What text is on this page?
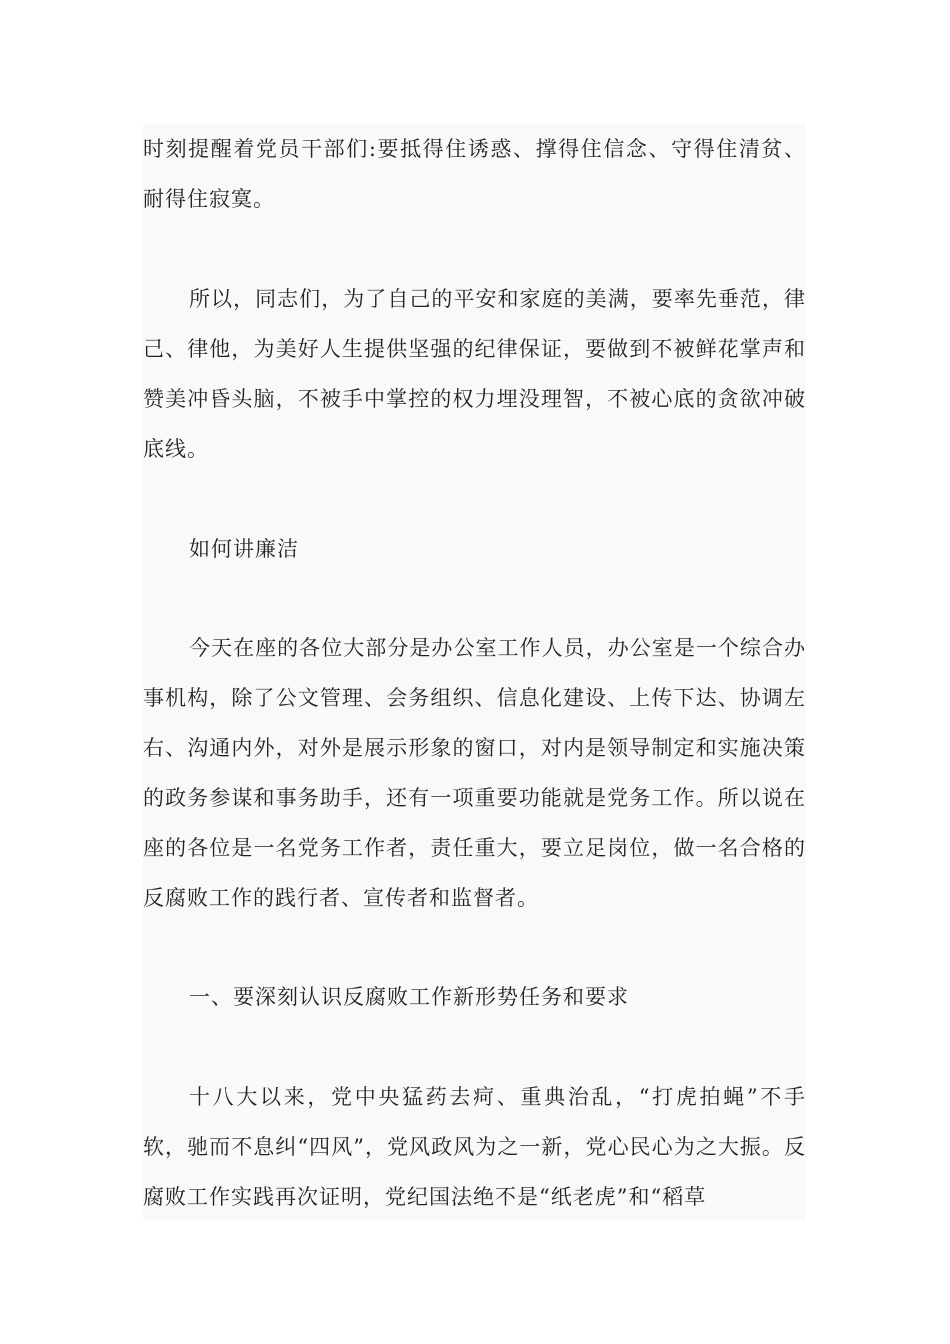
时刻提醒着党员干部们:要抵得住诱惑、撑得住信念、守得住清贫、耐得住寂寞。

所以，同志们，为了自己的平安和家庭的美满，要率先垂范，律己、律他，为美好人生提供坚强的纪律保证，要做到不被鲜花掌声和赞美冲昏头脑，不被手中掌控的权力埋没理智，不被心底的贪欲冲破底线。

如何讲廉洁

今天在座的各位大部分是办公室工作人员，办公室是一个综合办事机构，除了公文管理、会务组织、信息化建设、上传下达、协调左右、沟通内外，对外是展示形象的窗口，对内是领导制定和实施决策的政务参谋和事务助手，还有一项重要功能就是党务工作。所以说在座的各位是一名党务工作者，责任重大，要立足岗位，做一名合格的反腐败工作的践行者、宣传者和监督者。

一、要深刻认识反腐败工作新形势任务和要求

十八大以来，党中央猛药去疴、重典治乱，“打虎拍蝇”不手软，驰而不息纠“四风”，党风政风为之一新，党心民心为之大振。反腐败工作实践再次证明，党纪国法绝不是“纸老虎”和“稻草
